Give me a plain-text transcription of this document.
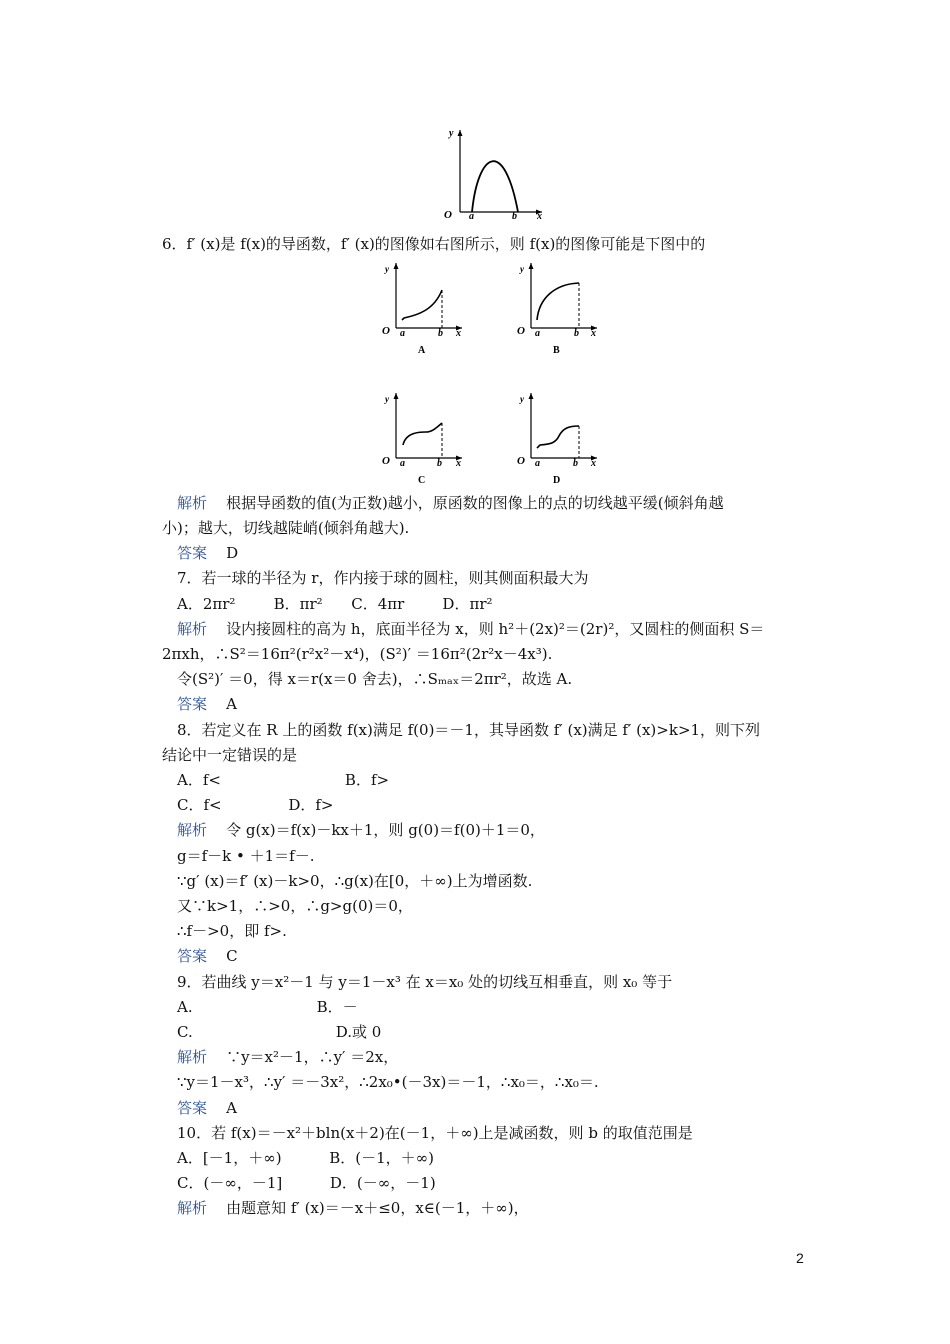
y
O a	b x
6．f′ (x)是 f(x)的导函数，f′ (x)的图像如右图所示，则 f(x)的图像可能是下图中的
y
O a	b x
A
y
O a	b x
B
y
O a	b x
C
y
O a	b x
D
解析    根据导函数的值(为正数)越小，原函数的图像上的点的切线越平缓(倾斜角越
小)；越大，切线越陡峭(倾斜角越大).
答案    D
7．若一球的半径为 r，作内接于球的圆柱，则其侧面积最大为
A．2πr²        B．πr²      C．4πr        D．πr²
解析    设内接圆柱的高为 h，底面半径为 x，则 h²＋(2x)²＝(2r)²，又圆柱的侧面积 S＝
2πxh，∴S²＝16π²(r²x²－x⁴)，(S²)′ ＝16π²(2r²x－4x³).
令(S²)′ ＝0，得 x＝r(x＝0 舍去)，∴Sₘₐₓ＝2πr²，故选 A.
答案    A
8．若定义在 R 上的函数 f(x)满足 f(0)＝－1，其导函数 f′ (x)满足 f′ (x)>k>1，则下列
结论中一定错误的是
A．f<                          B．f>
C．f<              D．f>
解析    令 g(x)＝f(x)－kx＋1，则 g(0)＝f(0)＋1＝0，
g＝f－k • ＋1＝f－.
∵g′ (x)＝f′ (x)－k>0，∴g(x)在[0，＋∞)上为增函数.
又∵k>1，∴>0，∴g>g(0)＝0，
∴f－>0，即 f>.
答案    C
9．若曲线 y＝x²－1 与 y＝1－x³ 在 x＝x₀ 处的切线互相垂直，则 x₀ 等于
A.                          B．－
C.                              D.或 0
解析    ∵y＝x²－1，∴y′ ＝2x，
∵y＝1－x³，∴y′ ＝－3x²，∴2x₀•(－3x)＝－1，∴x₀＝，∴x₀＝.
答案    A
10．若 f(x)＝－x²＋bln(x＋2)在(－1，＋∞)上是减函数，则 b 的取值范围是
A．[－1，＋∞)          B．(－1，＋∞)
C．(－∞，－1]          D．(－∞，－1)
解析    由题意知 f′ (x)＝－x＋≤0，x∈(－1，＋∞)，
2
